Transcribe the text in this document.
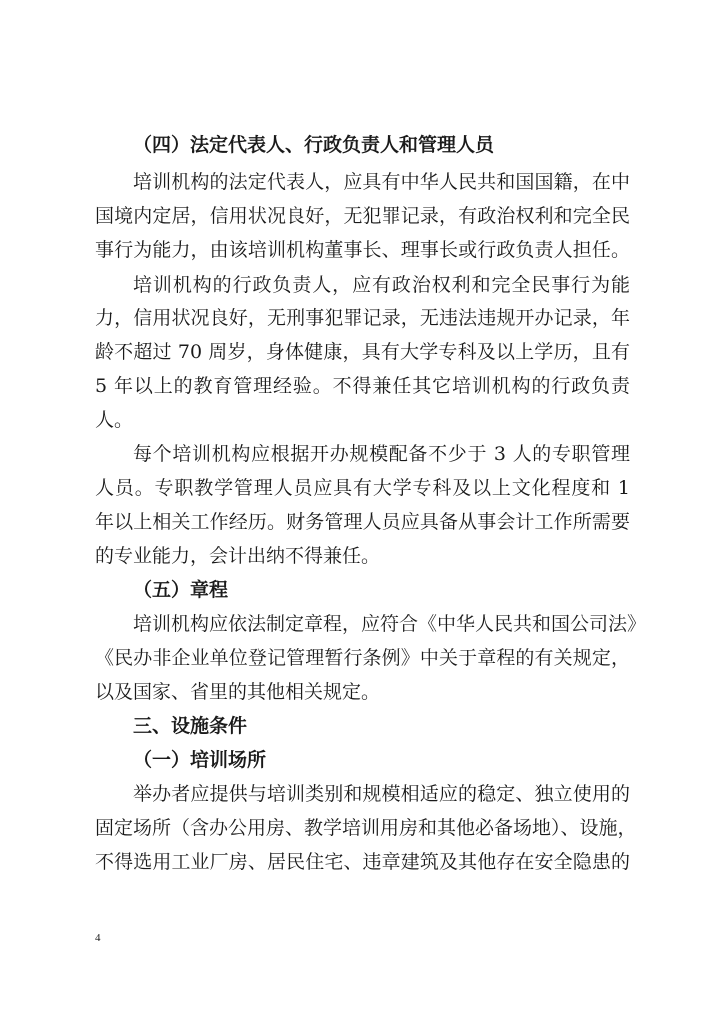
（四）法定代表人、行政负责人和管理人员
培训机构的法定代表人，应具有中华人民共和国国籍，在中
国境内定居，信用状况良好，无犯罪记录，有政治权利和完全民
事行为能力，由该培训机构董事长、理事长或行政负责人担任。
培训机构的行政负责人，应有政治权利和完全民事行为能
力，信用状况良好，无刑事犯罪记录，无违法违规开办记录，年
龄不超过 70 周岁，身体健康，具有大学专科及以上学历，且有
5 年以上的教育管理经验。不得兼任其它培训机构的行政负责
人。
每个培训机构应根据开办规模配备不少于 3 人的专职管理
人员。专职教学管理人员应具有大学专科及以上文化程度和 1
年以上相关工作经历。财务管理人员应具备从事会计工作所需要
的专业能力，会计出纳不得兼任。
（五）章程
培训机构应依法制定章程，应符合《中华人民共和国公司法》
《民办非企业单位登记管理暂行条例》中关于章程的有关规定，
以及国家、省里的其他相关规定。
三、设施条件
（一）培训场所
举办者应提供与培训类别和规模相适应的稳定、独立使用的
固定场所（含办公用房、教学培训用房和其他必备场地）、设施，
不得选用工业厂房、居民住宅、违章建筑及其他存在安全隐患的
4
